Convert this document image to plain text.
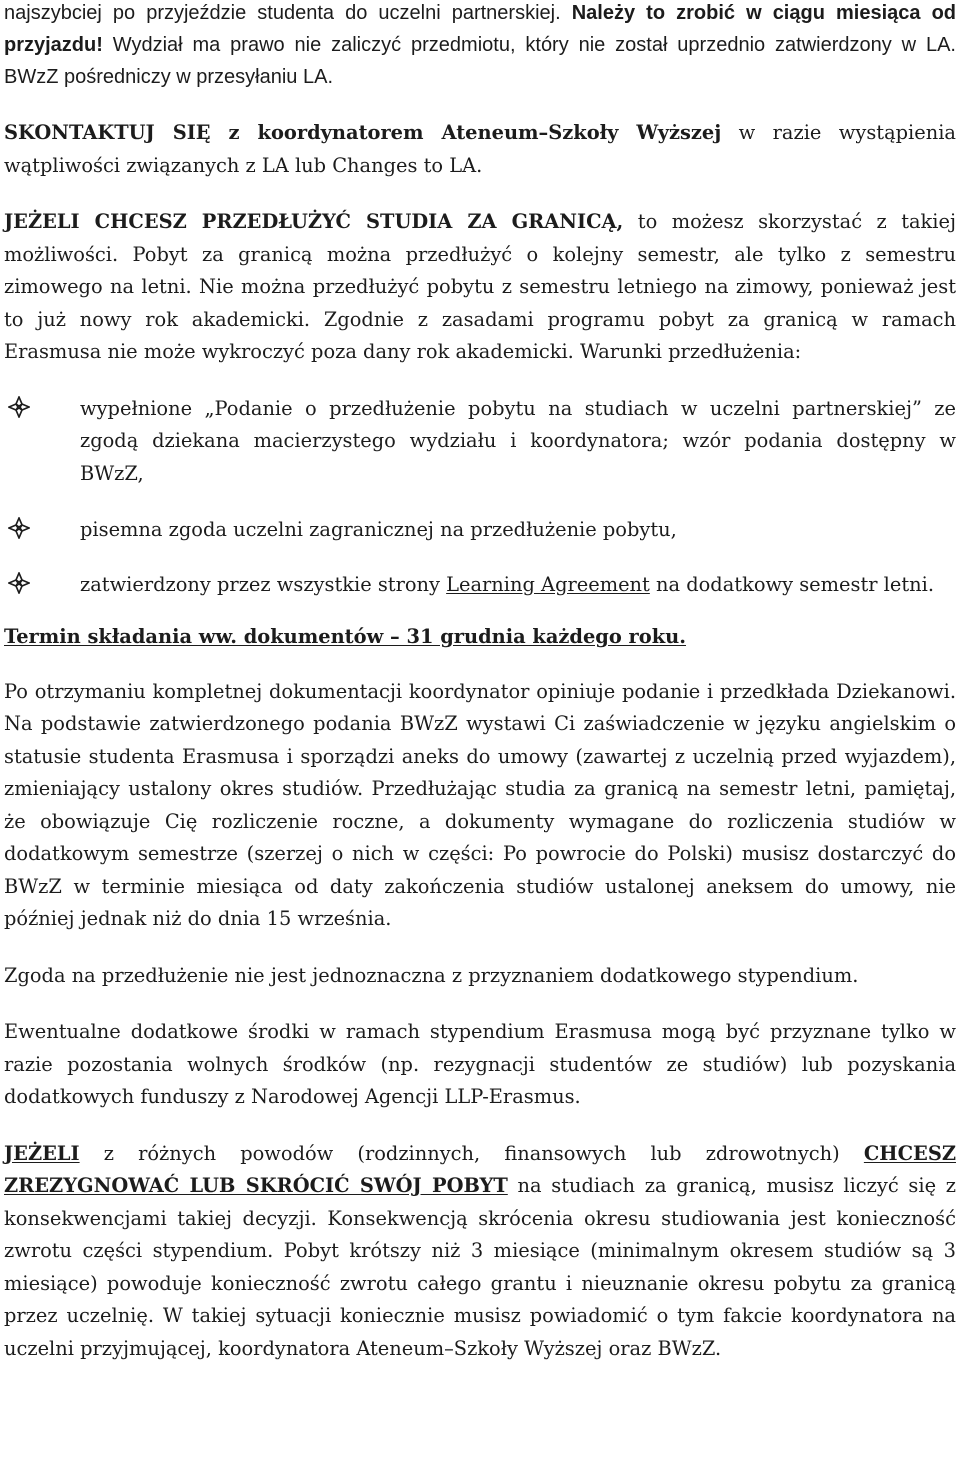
najszybciej po przyjeździe studenta do uczelni partnerskiej. Należy to zrobić w ciągu miesiąca od przyjazdu! Wydział ma prawo nie zaliczyć przedmiotu, który nie został uprzednio zatwierdzony w LA. BWzZ pośredniczy w przesyłaniu LA.

SKONTAKTUJ SIĘ z koordynatorem Ateneum–Szkoły Wyższej w razie wystąpienia wątpliwości związanych z LA lub Changes to LA.

JEŻELI CHCESZ PRZEDŁUŻYĆ STUDIA ZA GRANICĄ, to możesz skorzystać z takiej możliwości. Pobyt za granicą można przedłużyć o kolejny semestr, ale tylko z semestru zimowego na letni. Nie można przedłużyć pobytu z semestru letniego na zimowy, ponieważ jest to już nowy rok akademicki. Zgodnie z zasadami programu pobyt za granicą w ramach Erasmusa nie może wykroczyć poza dany rok akademicki. Warunki przedłużenia:

wypełnione „Podanie o przedłużenie pobytu na studiach w uczelni partnerskiej” ze zgodą dziekana macierzystego wydziału i koordynatora; wzór podania dostępny w BWzZ,

pisemna zgoda uczelni zagranicznej na przedłużenie pobytu,

zatwierdzony przez wszystkie strony Learning Agreement na dodatkowy semestr letni.

Termin składania ww. dokumentów – 31 grudnia każdego roku.

Po otrzymaniu kompletnej dokumentacji koordynator opiniuje podanie i przedkłada Dziekanowi. Na podstawie zatwierdzonego podania BWzZ wystawi Ci zaświadczenie w języku angielskim o statusie studenta Erasmusa i sporządzi aneks do umowy (zawartej z uczelnią przed wyjazdem), zmieniający ustalony okres studiów. Przedłużając studia za granicą na semestr letni, pamiętaj, że obowiązuje Cię rozliczenie roczne, a dokumenty wymagane do rozliczenia studiów w dodatkowym semestrze (szerzej o nich w części: Po powrocie do Polski) musisz dostarczyć do BWzZ w terminie miesiąca od daty zakończenia studiów ustalonej aneksem do umowy, nie później jednak niż do dnia 15 września.

Zgoda na przedłużenie nie jest jednoznaczna z przyznaniem dodatkowego stypendium.

Ewentualne dodatkowe środki w ramach stypendium Erasmusa mogą być przyznane tylko w razie pozostania wolnych środków (np. rezygnacji studentów ze studiów) lub pozyskania dodatkowych funduszy z Narodowej Agencji LLP-Erasmus.

JEŻELI z różnych powodów (rodzinnych, finansowych lub zdrowotnych) CHCESZ ZREZYGNOWAĆ LUB SKRÓCIĆ SWÓJ POBYT na studiach za granicą, musisz liczyć się z konsekwencjami takiej decyzji. Konsekwencją skrócenia okresu studiowania jest konieczność zwrotu części stypendium. Pobyt krótszy niż 3 miesiące (minimalnym okresem studiów są 3 miesiące) powoduje konieczność zwrotu całego grantu i nieuznanie okresu pobytu za granicą przez uczelnię. W takiej sytuacji koniecznie musisz powiadomić o tym fakcie koordynatora na uczelni przyjmującej, koordynatora Ateneum–Szkoły Wyższej oraz BWzZ.
